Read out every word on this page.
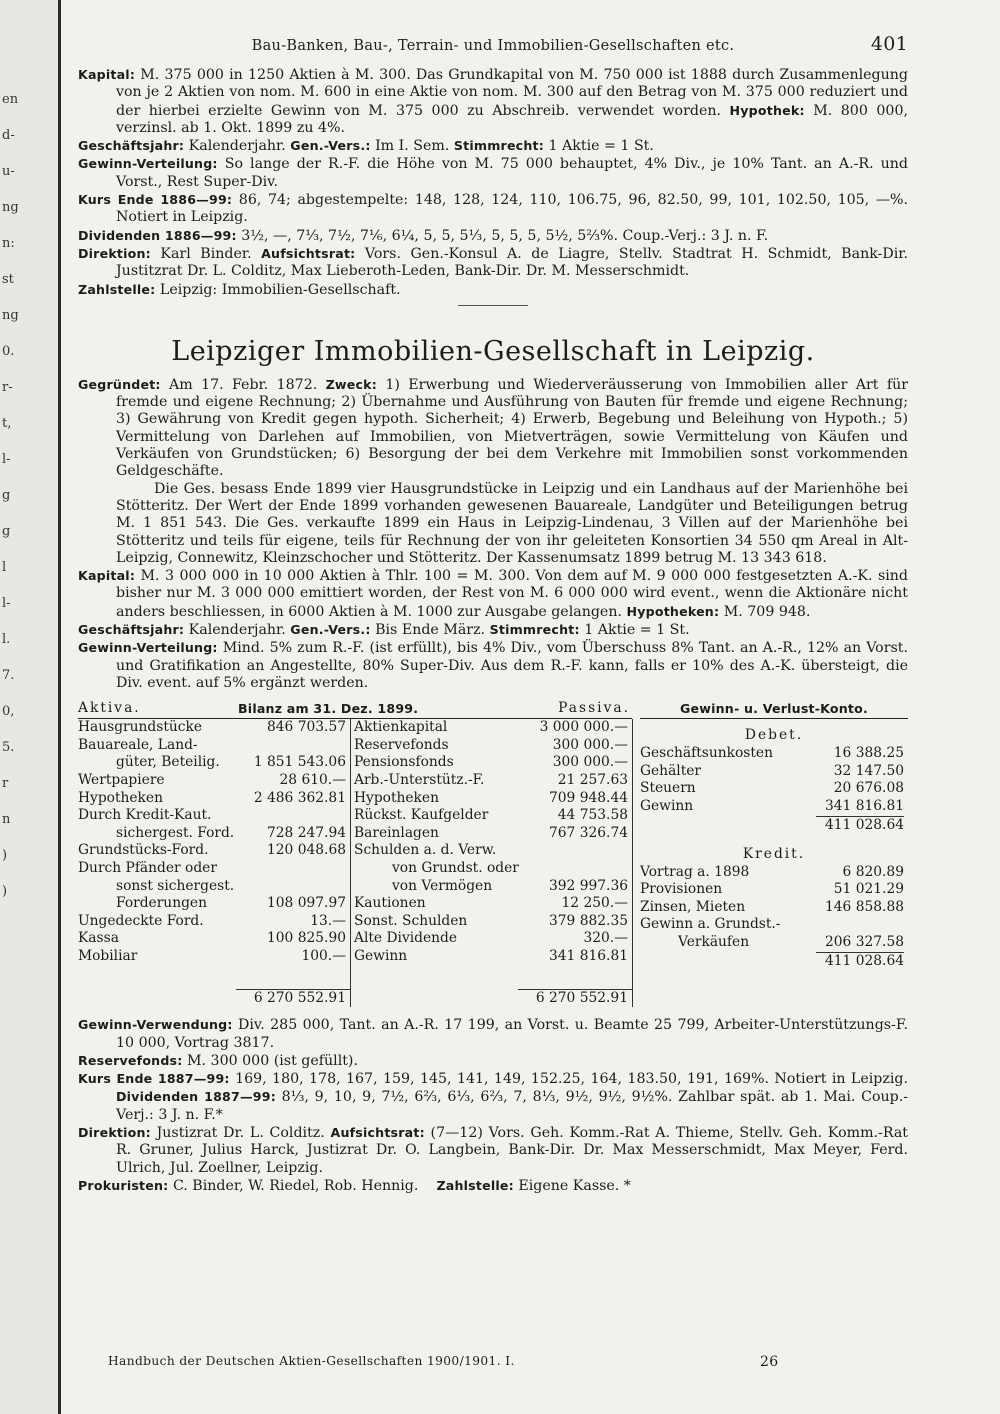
en
d-
u-
ng
n:
st
ng
0.
r-
t,
l-
g
g
l
l-
l.
7.
0,
5.
r
n
)
)
Bau-Banken, Bau-, Terrain- und Immobilien-Gesellschaften etc.	401

Kapital: M. 375 000 in 1250 Aktien à M. 300. Das Grundkapital von M. 750 000 ist 1888 durch Zusammenlegung von je 2 Aktien von nom. M. 600 in eine Aktie von nom. M. 300 auf den Betrag von M. 375 000 reduziert und der hierbei erzielte Gewinn von M. 375 000 zu Abschreib. verwendet worden. Hypothek: M. 800 000, verzinsl. ab 1. Okt. 1899 zu 4%.

Geschäftsjahr: Kalenderjahr. Gen.-Vers.: Im I. Sem. Stimmrecht: 1 Aktie = 1 St.

Gewinn-Verteilung: So lange der R.-F. die Höhe von M. 75 000 behauptet, 4% Div., je 10% Tant. an A.-R. und Vorst., Rest Super-Div.

Kurs Ende 1886—99: 86, 74; abgestempelte: 148, 128, 124, 110, 106.75, 96, 82.50, 99, 101, 102.50, 105, —%. Notiert in Leipzig.

Dividenden 1886—99: 3½, —, 7⅓, 7½, 7⅙, 6¼, 5, 5, 5⅓, 5, 5, 5, 5½, 5⅔%. Coup.-Verj.: 3 J. n. F.

Direktion: Karl Binder. Aufsichtsrat: Vors. Gen.-Konsul A. de Liagre, Stellv. Stadtrat H. Schmidt, Bank-Dir. Justitzrat Dr. L. Colditz, Max Lieberoth-Leden, Bank-Dir. Dr. M. Messerschmidt.

Zahlstelle: Leipzig: Immobilien-Gesellschaft.

Leipziger Immobilien-Gesellschaft in Leipzig.

Gegründet: Am 17. Febr. 1872. Zweck: 1) Erwerbung und Wiederveräusserung von Immobilien aller Art für fremde und eigene Rechnung; 2) Übernahme und Ausführung von Bauten für fremde und eigene Rechnung; 3) Gewährung von Kredit gegen hypoth. Sicherheit; 4) Erwerb, Begebung und Beleihung von Hypoth.; 5) Vermittelung von Darlehen auf Immobilien, von Mietverträgen, sowie Vermittelung von Käufen und Verkäufen von Grundstücken; 6) Besorgung der bei dem Verkehre mit Immobilien sonst vorkommenden Geldgeschäfte.

Die Ges. besass Ende 1899 vier Hausgrundstücke in Leipzig und ein Landhaus auf der Marienhöhe bei Stötteritz. Der Wert der Ende 1899 vorhanden gewesenen Bauareale, Landgüter und Beteiligungen betrug M. 1 851 543. Die Ges. verkaufte 1899 ein Haus in Leipzig-Lindenau, 3 Villen auf der Marienhöhe bei Stötteritz und teils für eigene, teils für Rechnung der von ihr geleiteten Konsortien 34 550 qm Areal in Alt-Leipzig, Connewitz, Kleinzschocher und Stötteritz. Der Kassenumsatz 1899 betrug M. 13 343 618.

Kapital: M. 3 000 000 in 10 000 Aktien à Thlr. 100 = M. 300. Von dem auf M. 9 000 000 festgesetzten A.-K. sind bisher nur M. 3 000 000 emittiert worden, der Rest von M. 6 000 000 wird event., wenn die Aktionäre nicht anders beschliessen, in 6000 Aktien à M. 1000 zur Ausgabe gelangen. Hypotheken: M. 709 948.

Geschäftsjahr: Kalenderjahr. Gen.-Vers.: Bis Ende März. Stimmrecht: 1 Aktie = 1 St.

Gewinn-Verteilung: Mind. 5% zum R.-F. (ist erfüllt), bis 4% Div., vom Überschuss 8% Tant. an A.-R., 12% an Vorst. und Gratifikation an Angestellte, 80% Super-Div. Aus dem R.-F. kann, falls er 10% des A.-K. übersteigt, die Div. event. auf 5% ergänzt werden.

Aktiva.	Bilanz am 31. Dez. 1899.	Passiva.
Hausgrundstücke	846 703.57
Bauareale, Land-
güter, Beteilig. 1 851 543.06
Wertpapiere	28 610.—
Hypotheken	2 486 362.81
Durch Kredit-Kaut.
sichergest. Ford. 728 247.94
Grundstücks-Ford.	120 048.68
Durch Pfänder oder
sonst sichergest.
Forderungen	108 097.97
Ungedeckte Ford.	13.—
Kassa	100 825.90
Mobiliar	100.—
6 270 552.91
Aktienkapital	3 000 000.—
Reservefonds	300 000.—
Pensionsfonds	300 000.—
Arb.-Unterstütz.-F.	21 257.63
Hypotheken	709 948.44
Rückst. Kaufgelder	44 753.58
Bareinlagen	767 326.74
Schulden a. d. Verw.
von Grundst. oder
von Vermögen	392 997.36
Kautionen	12 250.—
Sonst. Schulden	379 882.35
Alte Dividende	320.—
Gewinn	341 816.81
6 270 552.91
Gewinn- u. Verlust-Konto.
Debet.
Geschäftsunkosten	16 388.25
Gehälter	32 147.50
Steuern	20 676.08
Gewinn	341 816.81
411 028.64
Kredit.
Vortrag a. 1898	6 820.89
Provisionen	51 021.29
Zinsen, Mieten	146 858.88
Gewinn a. Grundst.-
Verkäufen	206 327.58
411 028.64

Gewinn-Verwendung: Div. 285 000, Tant. an A.-R. 17 199, an Vorst. u. Beamte 25 799, Arbeiter-Unterstützungs-F. 10 000, Vortrag 3817.

Reservefonds: M. 300 000 (ist gefüllt).

Kurs Ende 1887—99: 169, 180, 178, 167, 159, 145, 141, 149, 152.25, 164, 183.50, 191, 169%. Notiert in Leipzig. Dividenden 1887—99: 8⅓, 9, 10, 9, 7½, 6⅔, 6⅓, 6⅔, 7, 8⅓, 9½, 9½, 9½%. Zahlbar spät. ab 1. Mai. Coup.-Verj.: 3 J. n. F.*

Direktion: Justizrat Dr. L. Colditz. Aufsichtsrat: (7—12) Vors. Geh. Komm.-Rat A. Thieme, Stellv. Geh. Komm.-Rat R. Gruner, Julius Harck, Justizrat Dr. O. Langbein, Bank-Dir. Dr. Max Messerschmidt, Max Meyer, Ferd. Ulrich, Jul. Zoellner, Leipzig.

Prokuristen: C. Binder, W. Riedel, Rob. Hennig. Zahlstelle: Eigene Kasse. *

Handbuch der Deutschen Aktien-Gesellschaften 1900/1901. I.	26
